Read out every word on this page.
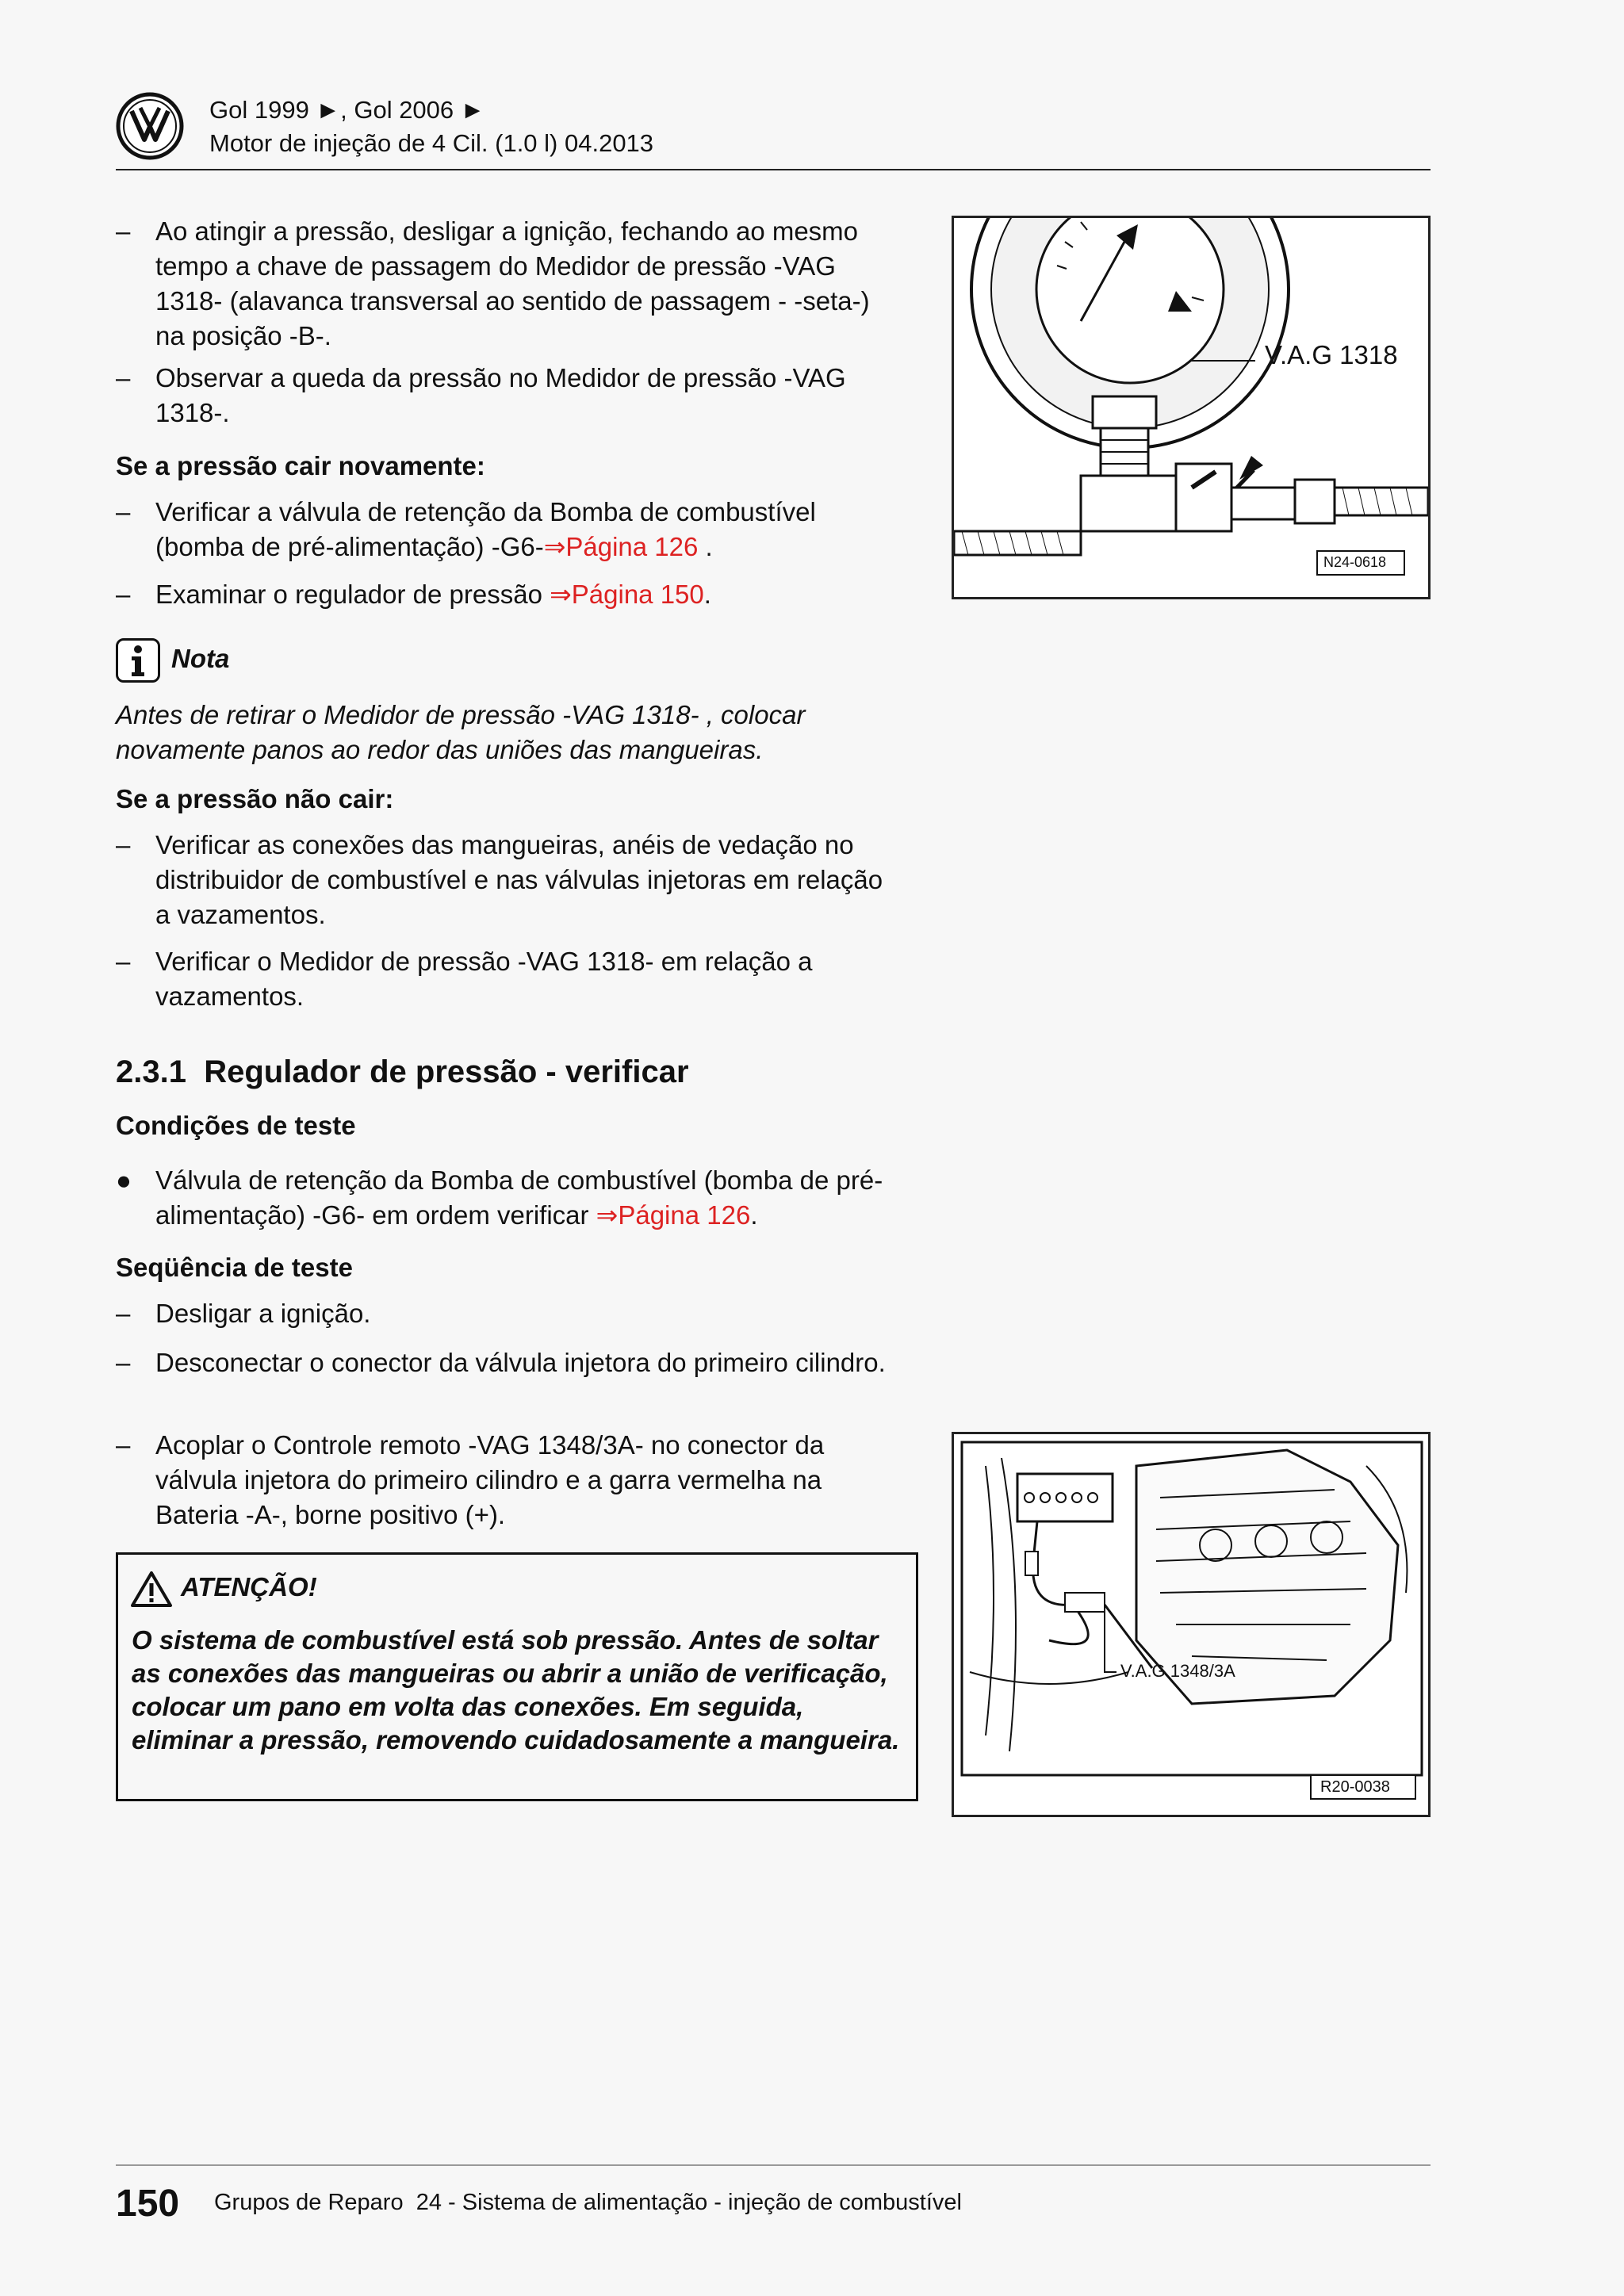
Gol 1999 ►, Gol 2006 ►
Motor de injeção de 4 Cil. (1.0 l) 04.2013
– Ao atingir a pressão, desligar a ignição, fechando ao mesmo tempo a chave de passagem do Medidor de pressão -VAG 1318- (alavanca transversal ao sentido de passagem - -seta-) na posição -B-.
– Observar a queda da pressão no Medidor de pressão -VAG 1318-.
Se a pressão cair novamente:
– Verificar a válvula de retenção da Bomba de combustível (bomba de pré-alimentação) -G6-⇒Página 126 .
– Examinar o regulador de pressão ⇒Página 150.
Nota
Antes de retirar o Medidor de pressão -VAG 1318- , colocar novamente panos ao redor das uniões das mangueiras.
Se a pressão não cair:
– Verificar as conexões das mangueiras, anéis de vedação no distribuidor de combustível e nas válvulas injetoras em relação a vazamentos.
– Verificar o Medidor de pressão -VAG 1318- em relação a vazamentos.
2.3.1 Regulador de pressão - verificar
Condições de teste
● Válvula de retenção da Bomba de combustível (bomba de pré-alimentação) -G6- em ordem verificar ⇒Página 126.
Seqüência de teste
– Desligar a ignição.
– Desconectar o conector da válvula injetora do primeiro cilindro.
– Acoplar o Controle remoto -VAG 1348/3A- no conector da válvula injetora do primeiro cilindro e a garra vermelha na Bateria -A-, borne positivo (+).
ATENÇÃO!
O sistema de combustível está sob pressão. Antes de soltar as conexões das mangueiras ou abrir a união de verificação, colocar um pano em volta das conexões. Em seguida, eliminar a pressão, removendo cuidadosamente a mangueira.
V.A.G 1318
N24-0618
V.A.G 1348/3A
R20-0038
150 Grupos de Reparo  24 - Sistema de alimentação - injeção de combustível
